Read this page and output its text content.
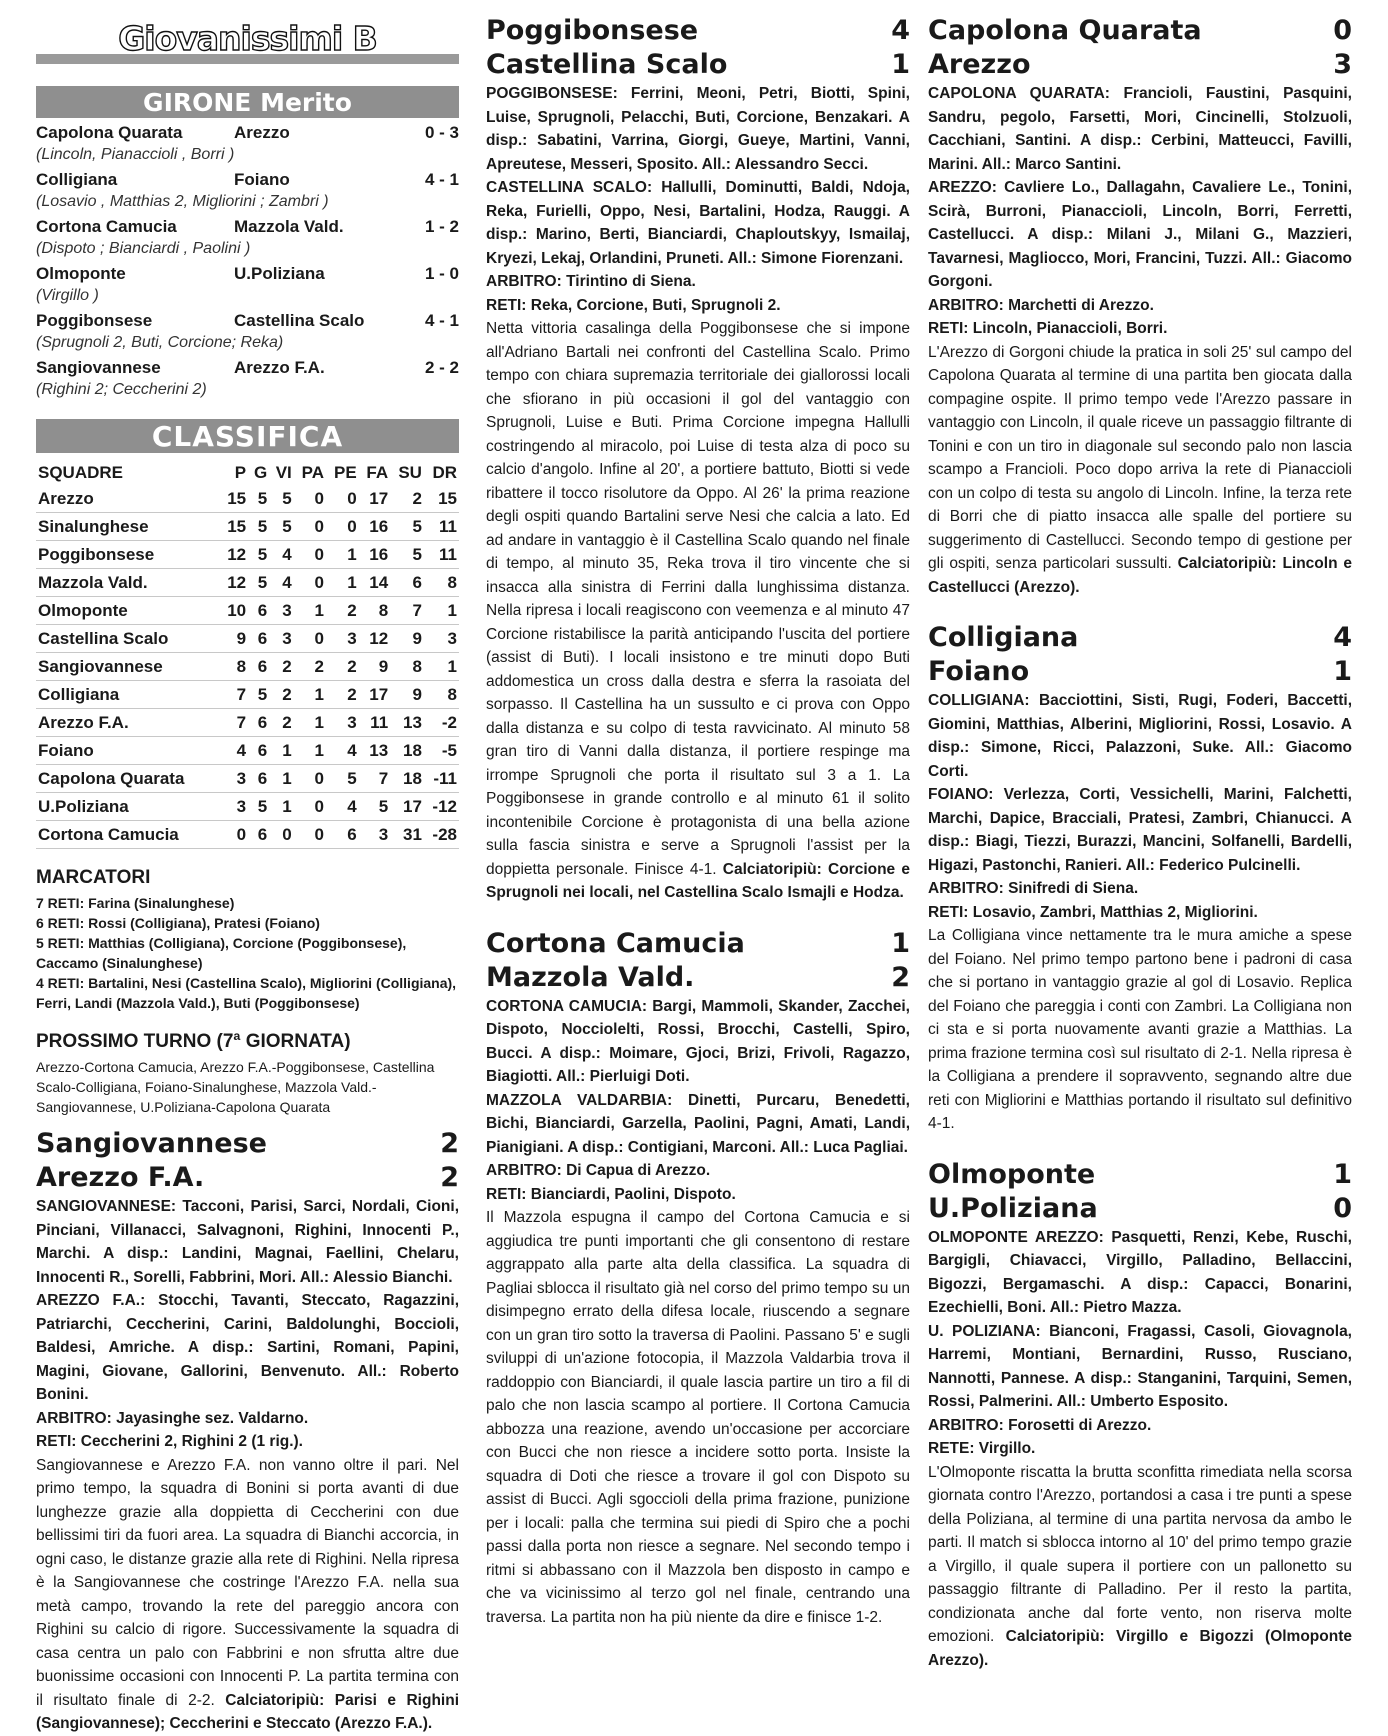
Giovanissimi B
GIRONE Merito
Capolona Quarata	Arezzo	0 - 3
(Lincoln, Pianaccioli , Borri )
Colligiana	Foiano	4 - 1
(Losavio , Matthias 2, Migliorini ; Zambri )
Cortona Camucia	Mazzola Vald.	1 - 2
(Dispoto ; Bianciardi , Paolini )
Olmoponte	U.Poliziana	1 - 0
(Virgillo )
Poggibonsese	Castellina Scalo	4 - 1
(Sprugnoli 2, Buti, Corcione; Reka)
Sangiovannese	Arezzo F.A.	2 - 2
(Righini 2; Ceccherini 2)
CLASSIFICA
SQUADRE	P	G	VI	PA	PE	FA	SU	DR
Arezzo	15	5	5	0	0	17	2	15
Sinalunghese	15	5	5	0	0	16	5	11
Poggibonsese	12	5	4	0	1	16	5	11
Mazzola Vald.	12	5	4	0	1	14	6	8
Olmoponte	10	6	3	1	2	8	7	1
Castellina Scalo	9	6	3	0	3	12	9	3
Sangiovannese	8	6	2	2	2	9	8	1
Colligiana	7	5	2	1	2	17	9	8
Arezzo F.A.	7	6	2	1	3	11	13	-2
Foiano	4	6	1	1	4	13	18	-5
Capolona Quarata	3	6	1	0	5	7	18	-11
U.Poliziana	3	5	1	0	4	5	17	-12
Cortona Camucia	0	6	0	0	6	3	31	-28
MARCATORI

7 RETI: Farina (Sinalunghese)

6 RETI: Rossi (Colligiana), Pratesi (Foiano)

5 RETI: Matthias (Colligiana), Corcione (Poggibonsese), Caccamo (Sinalunghese)

4 RETI: Bartalini, Nesi (Castellina Scalo), Migliorini (Colligiana), Ferri, Landi (Mazzola Vald.), Buti (Poggibonsese)

PROSSIMO TURNO (7ª GIORNATA)

Arezzo-Cortona Camucia, Arezzo F.A.-Poggibonsese, Castellina Scalo-Colligiana, Foiano-Sinalunghese, Mazzola Vald.-Sangiovannese, U.Poliziana-Capolona Quarata

Sangiovannese	2
Arezzo F.A.	2

SANGIOVANNESE: Tacconi, Parisi, Sarci, Nordali, Cioni, Pinciani, Villanacci, Salvagnoni, Righini, Innocenti P., Marchi. A disp.: Landini, Magnai, Faellini, Chelaru, Innocenti R., Sorelli, Fabbrini, Mori. All.: Alessio Bianchi.

AREZZO F.A.: Stocchi, Tavanti, Steccato, Ragazzini, Patriarchi, Ceccherini, Carini, Baldolunghi, Boccioli, Baldesi, Amriche. A disp.: Sartini, Romani, Papini, Magini, Giovane, Gallorini, Benvenuto. All.: Roberto Bonini.

ARBITRO: Jayasinghe sez. Valdarno.

RETI: Ceccherini 2, Righini 2 (1 rig.).

Sangiovannese e Arezzo F.A. non vanno oltre il pari. Nel primo tempo, la squadra di Bonini si porta avanti di due lunghezze grazie alla doppietta di Ceccherini con due bellissimi tiri da fuori area. La squadra di Bianchi accorcia, in ogni caso, le distanze grazie alla rete di Righini. Nella ripresa è la Sangiovannese che costringe l'Arezzo F.A. nella sua metà campo, trovando la rete del pareggio ancora con Righini su calcio di rigore. Successivamente la squadra di casa centra un palo con Fabbrini e non sfrutta altre due buonissime occasioni con Innocenti P. La partita termina con il risultato finale di 2-2. Calciatoripiù: Parisi e Righini (Sangiovannese); Ceccherini e Steccato (Arezzo F.A.).

Poggibonsese	4
Castellina Scalo	1

POGGIBONSESE: Ferrini, Meoni, Petri, Biotti, Spini, Luise, Sprugnoli, Pelacchi, Buti, Corcione, Benzakari. A disp.: Sabatini, Varrina, Giorgi, Gueye, Martini, Vanni, Apreutese, Messeri, Sposito. All.: Alessandro Secci.

CASTELLINA SCALO: Hallulli, Dominutti, Baldi, Ndoja, Reka, Furielli, Oppo, Nesi, Bartalini, Hodza, Rauggi. A disp.: Marino, Berti, Bianciardi, Chaploutskyy, Ismailaj, Kryezi, Lekaj, Orlandini, Pruneti. All.: Simone Fiorenzani.

ARBITRO: Tirintino di Siena.

RETI: Reka, Corcione, Buti, Sprugnoli 2.

Netta vittoria casalinga della Poggibonsese che si impone all'Adriano Bartali nei confronti del Castellina Scalo. Primo tempo con chiara supremazia territoriale dei giallorossi locali che sfiorano in più occasioni il gol del vantaggio con Sprugnoli, Luise e Buti. Prima Corcione impegna Hallulli costringendo al miracolo, poi Luise di testa alza di poco su calcio d'angolo. Infine al 20', a portiere battuto, Biotti si vede ribattere il tocco risolutore da Oppo. Al 26' la prima reazione degli ospiti quando Bartalini serve Nesi che calcia a lato. Ed ad andare in vantaggio è il Castellina Scalo quando nel finale di tempo, al minuto 35, Reka trova il tiro vincente che si insacca alla sinistra di Ferrini dalla lunghissima distanza. Nella ripresa i locali reagiscono con veemenza e al minuto 47 Corcione ristabilisce la parità anticipando l'uscita del portiere (assist di Buti). I locali insistono e tre minuti dopo Buti addomestica un cross dalla destra e sferra la rasoiata del sorpasso. Il Castellina ha un sussulto e ci prova con Oppo dalla distanza e su colpo di testa ravvicinato. Al minuto 58 gran tiro di Vanni dalla distanza, il portiere respinge ma irrompe Sprugnoli che porta il risultato sul 3 a 1. La Poggibonsese in grande controllo e al minuto 61 il solito incontenibile Corcione è protagonista di una bella azione sulla fascia sinistra e serve a Sprugnoli l'assist per la doppietta personale. Finisce 4-1. Calciatoripiù: Corcione e Sprugnoli nei locali, nel Castellina Scalo Ismajli e Hodza.

Cortona Camucia	1
Mazzola Vald.	2

CORTONA CAMUCIA: Bargi, Mammoli, Skander, Zacchei, Dispoto, Nocciolelti, Rossi, Brocchi, Castelli, Spiro, Bucci. A disp.: Moimare, Gjoci, Brizi, Frivoli, Ragazzo, Biagiotti. All.: Pierluigi Doti.

MAZZOLA VALDARBIA: Dinetti, Purcaru, Benedetti, Bichi, Bianciardi, Garzella, Paolini, Pagni, Amati, Landi, Pianigiani. A disp.: Contigiani, Marconi. All.: Luca Pagliai.

ARBITRO: Di Capua di Arezzo.

RETI: Bianciardi, Paolini, Dispoto.

Il Mazzola espugna il campo del Cortona Camucia e si aggiudica tre punti importanti che gli consentono di restare aggrappato alla parte alta della classifica. La squadra di Pagliai sblocca il risultato già nel corso del primo tempo su un disimpegno errato della difesa locale, riuscendo a segnare con un gran tiro sotto la traversa di Paolini. Passano 5' e sugli sviluppi di un'azione fotocopia, il Mazzola Valdarbia trova il raddoppio con Bianciardi, il quale lascia partire un tiro a fil di palo che non lascia scampo al portiere. Il Cortona Camucia abbozza una reazione, avendo un'occasione per accorciare con Bucci che non riesce a incidere sotto porta. Insiste la squadra di Doti che riesce a trovare il gol con Dispoto su assist di Bucci. Agli sgoccioli della prima frazione, punizione per i locali: palla che termina sui piedi di Spiro che a pochi passi dalla porta non riesce a segnare. Nel secondo tempo i ritmi si abbassano con il Mazzola ben disposto in campo e che va vicinissimo al terzo gol nel finale, centrando una traversa. La partita non ha più niente da dire e finisce 1-2.

Capolona Quarata	0
Arezzo	3

CAPOLONA QUARATA: Francioli, Faustini, Pasquini, Sandru, pegolo, Farsetti, Mori, Cincinelli, Stolzuoli, Cacchiani, Santini. A disp.: Cerbini, Matteucci, Favilli, Marini. All.: Marco Santini.

AREZZO: Cavliere Lo., Dallagahn, Cavaliere Le., Tonini, Scirà, Burroni, Pianaccioli, Lincoln, Borri, Ferretti, Castellucci. A disp.: Milani J., Milani G., Mazzieri, Tavarnesi, Magliocco, Mori, Francini, Tuzzi. All.: Giacomo Gorgoni.

ARBITRO: Marchetti di Arezzo.

RETI: Lincoln, Pianaccioli, Borri.

L'Arezzo di Gorgoni chiude la pratica in soli 25' sul campo del Capolona Quarata al termine di una partita ben giocata dalla compagine ospite. Il primo tempo vede l'Arezzo passare in vantaggio con Lincoln, il quale riceve un passaggio filtrante di Tonini e con un tiro in diagonale sul secondo palo non lascia scampo a Francioli. Poco dopo arriva la rete di Pianaccioli con un colpo di testa su angolo di Lincoln. Infine, la terza rete di Borri che di piatto insacca alle spalle del portiere su suggerimento di Castellucci. Secondo tempo di gestione per gli ospiti, senza particolari sussulti. Calciatoripiù: Lincoln e Castellucci (Arezzo).

Colligiana	4
Foiano	1

COLLIGIANA: Bacciottini, Sisti, Rugi, Foderi, Baccetti, Giomini, Matthias, Alberini, Migliorini, Rossi, Losavio. A disp.: Simone, Ricci, Palazzoni, Suke. All.: Giacomo Corti.

FOIANO: Verlezza, Corti, Vessichelli, Marini, Falchetti, Marchi, Dapice, Bracciali, Pratesi, Zambri, Chianucci. A disp.: Biagi, Tiezzi, Burazzi, Mancini, Solfanelli, Bardelli, Higazi, Pastonchi, Ranieri. All.: Federico Pulcinelli.

ARBITRO: Sinifredi di Siena.

RETI: Losavio, Zambri, Matthias 2, Migliorini.

La Colligiana vince nettamente tra le mura amiche a spese del Foiano. Nel primo tempo partono bene i padroni di casa che si portano in vantaggio grazie al gol di Losavio. Replica del Foiano che pareggia i conti con Zambri. La Colligiana non ci sta e si porta nuovamente avanti grazie a Matthias. La prima frazione termina così sul risultato di 2-1. Nella ripresa è la Colligiana a prendere il sopravvento, segnando altre due reti con Migliorini e Matthias portando il risultato sul definitivo 4-1.

Olmoponte	1
U.Poliziana	0

OLMOPONTE AREZZO: Pasquetti, Renzi, Kebe, Ruschi, Bargigli, Chiavacci, Virgillo, Palladino, Bellaccini, Bigozzi, Bergamaschi. A disp.: Capacci, Bonarini, Ezechielli, Boni. All.: Pietro Mazza.

U. POLIZIANA: Bianconi, Fragassi, Casoli, Giovagnola, Harremi, Montiani, Bernardini, Russo, Rusciano, Nannotti, Pannese. A disp.: Stanganini, Tarquini, Semen, Rossi, Palmerini. All.: Umberto Esposito.

ARBITRO: Forosetti di Arezzo.

RETE: Virgillo.

L'Olmoponte riscatta la brutta sconfitta rimediata nella scorsa giornata contro l'Arezzo, portandosi a casa i tre punti a spese della Poliziana, al termine di una partita nervosa da ambo le parti. Il match si sblocca intorno al 10' del primo tempo grazie a Virgillo, il quale supera il portiere con un pallonetto su passaggio filtrante di Palladino. Per il resto la partita, condizionata anche dal forte vento, non riserva molte emozioni. Calciatoripiù: Virgillo e Bigozzi (Olmoponte Arezzo).
